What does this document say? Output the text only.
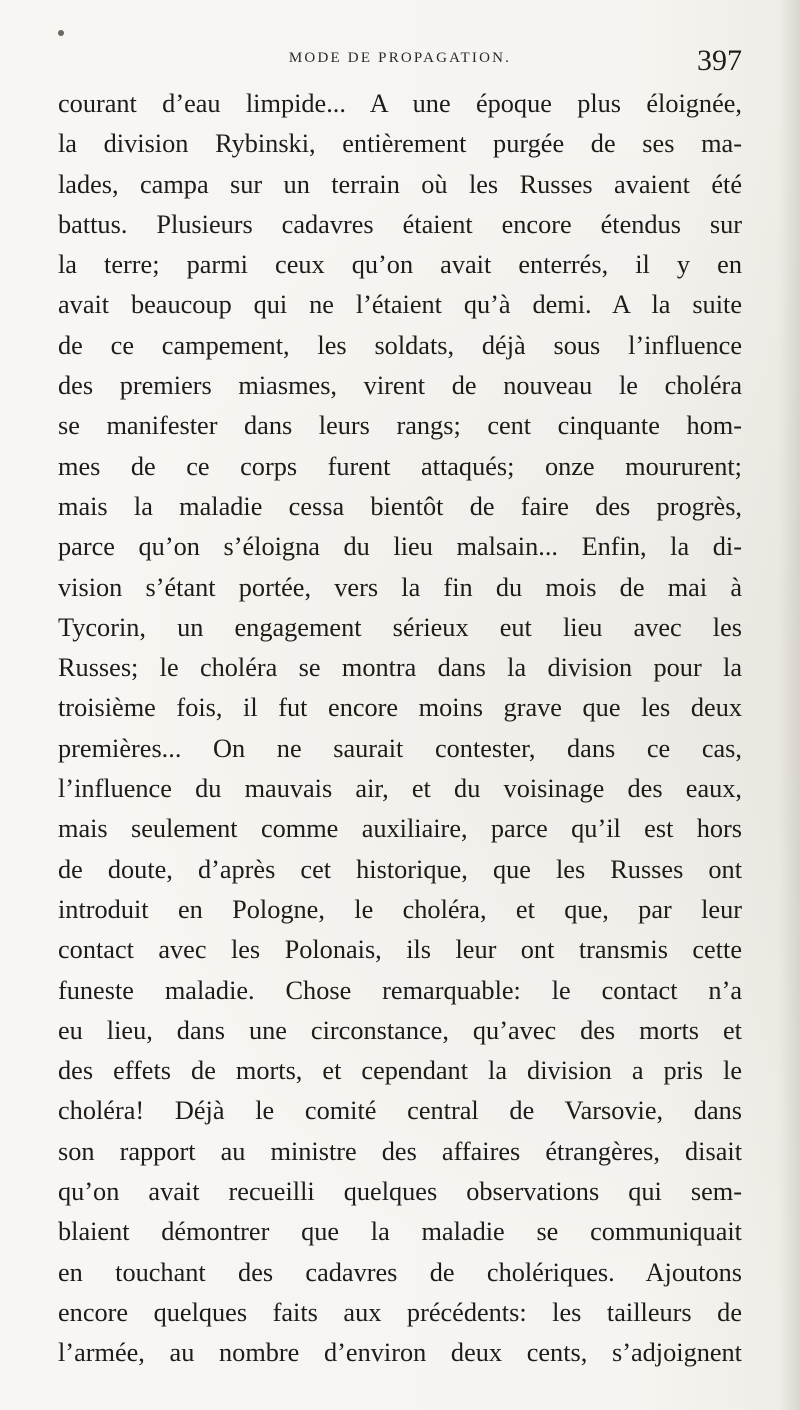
MODE DE PROPAGATION.	397
courant d’eau limpide... A une époque plus éloignée,
la division Rybinski, entièrement purgée de ses ma-
lades, campa sur un terrain où les Russes avaient été
battus. Plusieurs cadavres étaient encore étendus sur
la terre; parmi ceux qu’on avait enterrés, il y en
avait beaucoup qui ne l’étaient qu’à demi. A la suite
de ce campement, les soldats, déjà sous l’influence
des premiers miasmes, virent de nouveau le choléra
se manifester dans leurs rangs; cent cinquante hom-
mes de ce corps furent attaqués; onze moururent;
mais la maladie cessa bientôt de faire des progrès,
parce qu’on s’éloigna du lieu malsain... Enfin, la di-
vision s’étant portée, vers la fin du mois de mai à
Tycorin, un engagement sérieux eut lieu avec les
Russes; le choléra se montra dans la division pour la
troisième fois, il fut encore moins grave que les deux
premières... On ne saurait contester, dans ce cas,
l’influence du mauvais air, et du voisinage des eaux,
mais seulement comme auxiliaire, parce qu’il est hors
de doute, d’après cet historique, que les Russes ont
introduit en Pologne, le choléra, et que, par leur
contact avec les Polonais, ils leur ont transmis cette
funeste maladie. Chose remarquable: le contact n’a
eu lieu, dans une circonstance, qu’avec des morts et
des effets de morts, et cependant la division a pris le
choléra! Déjà le comité central de Varsovie, dans
son rapport au ministre des affaires étrangères, disait
qu’on avait recueilli quelques observations qui sem-
blaient démontrer que la maladie se communiquait
en touchant des cadavres de cholériques. Ajoutons
encore quelques faits aux précédents: les tailleurs de
l’armée, au nombre d’environ deux cents, s’adjoignent
